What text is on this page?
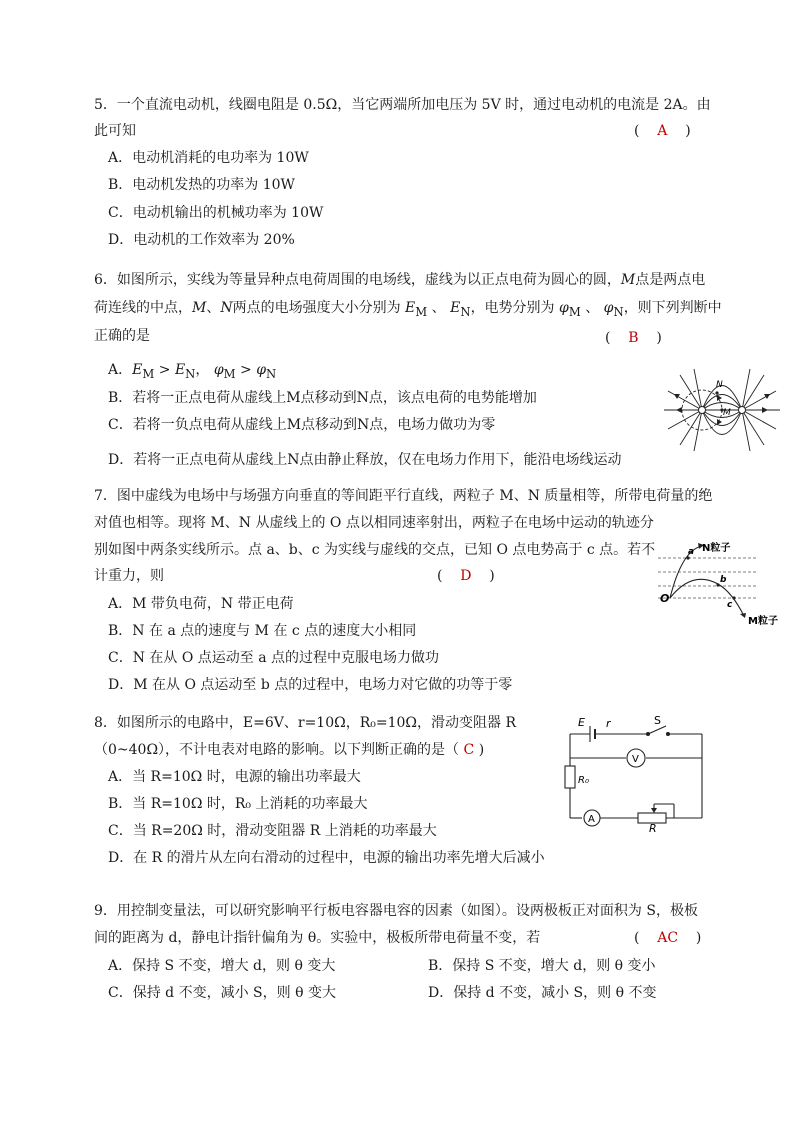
5．一个直流电动机，线圈电阻是 0.5Ω，当它两端所加电压为 5V 时，通过电动机的电流是 2A。由
此可知	(    A    )
A．电动机消耗的电功率为 10W
B．电动机发热的功率为 10W
C．电动机输出的机械功率为 10W
D．电动机的工作效率为 20%
6．如图所示，实线为等量异种点电荷周围的电场线，虚线为以正点电荷为圆心的圆，M点是两点电
荷连线的中点，M、N两点的电场强度大小分别为 $E_M$ 、 $E_N$，电势分别为 $\varphi_M$ 、 $\varphi_N$，则下列判断中
正确的是	(    B    )
A．$E_M > E_N$， $\varphi_M > \varphi_N$
B．若将一正点电荷从虚线上M点移动到N点，该点电荷的电势能增加
C．若将一负点电荷从虚线上M点移动到N点，电场力做功为零
D．若将一正点电荷从虚线上N点由静止释放，仅在电场力作用下，能沿电场线运动
N
M
7．图中虚线为电场中与场强方向垂直的等间距平行直线，两粒子 M、N 质量相等，所带电荷量的绝
对值也相等。现将 M、N 从虚线上的 O 点以相同速率射出，两粒子在电场中运动的轨迹分
别如图中两条实线所示。点 a、b、c 为实线与虚线的交点，已知 O 点电势高于 c 点。若不
计重力，则	(    D    )
A．M 带负电荷，N 带正电荷
B．N 在 a 点的速度与 M 在 c 点的速度大小相同
C．N 在从 O 点运动至 a 点的过程中克服电场力做功
D．M 在从 O 点运动至 b 点的过程中，电场力对它做的功等于零
a
b
c
O
N粒子
M粒子
8．如图所示的电路中，E=6V、r=10Ω，R₀=10Ω，滑动变阻器 R
（0~40Ω），不计电表对电路的影响。以下判断正确的是（ C )
A．当 R=10Ω 时，电源的输出功率最大
B．当 R=10Ω 时，R₀ 上消耗的功率最大
C．当 R=20Ω 时，滑动变阻器 R 上消耗的功率最大
D．在 R 的滑片从左向右滑动的过程中，电源的输出功率先增大后减小
E r	S
V
R₀
A
R
9．用控制变量法，可以研究影响平行板电容器电容的因素（如图）。设两极板正对面积为 S，极板
间的距离为 d，静电计指针偏角为 θ。实验中，极板所带电荷量不变，若	(    AC    )
A．保持 S 不变，增大 d，则 θ 变大	B．保持 S 不变，增大 d，则 θ 变小
C．保持 d 不变，减小 S，则 θ 变大	D．保持 d 不变，减小 S，则 θ 不变
